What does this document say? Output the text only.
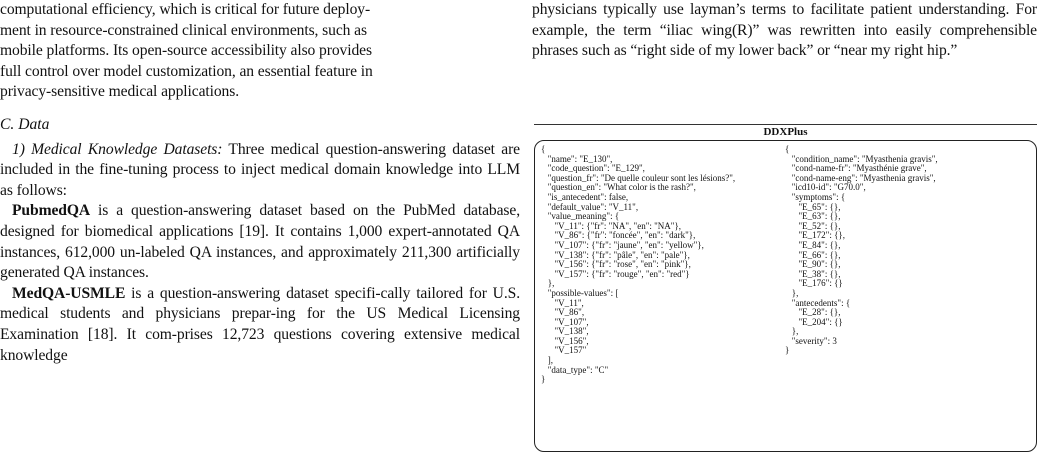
computational efficiency, which is critical for future deploy-

ment in resource-constrained clinical environments, such as

mobile platforms. Its open-source accessibility also provides

full control over model customization, an essential feature in

privacy-sensitive medical applications.

C. Data

1) Medical Knowledge Datasets: Three medical question-answering dataset are included in the fine-tuning process to inject medical domain knowledge into LLM as follows:

PubmedQA is a question-answering dataset based on the PubMed database, designed for biomedical applications [19]. It contains 1,000 expert-annotated QA instances, 612,000 un-labeled QA instances, and approximately 211,300 artificially generated QA instances.

MedQA-USMLE is a question-answering dataset specifi-cally tailored for U.S. medical students and physicians prepar-ing for the US Medical Licensing Examination [18]. It com-prises 12,723 questions covering extensive medical knowledge

physicians typically use layman’s terms to facilitate patient understanding. For example, the term “iliac wing(R)” was rewritten into easily comprehensible phrases such as “right side of my lower back” or “near my right hip.”

DDXPlus
{
"name": "E_130",
"code_question": "E_129",
"question_fr": "De quelle couleur sont les lésions?",
"question_en": "What color is the rash?",
"is_antecedent": false,
"default_value": "V_11",
"value_meaning": {
"V_11": {"fr": "NA", "en": "NA"},
"V_86": {"fr": "foncée", "en": "dark"},
"V_107": {"fr": "jaune", "en": "yellow"},
"V_138": {"fr": "pâle", "en": "pale"},
"V_156": {"fr": "rose", "en": "pink"},
"V_157": {"fr": "rouge", "en": "red"}
},
"possible-values": [
"V_11",
"V_86",
"V_107",
"V_138",
"V_156",
"V_157"
],
"data_type": "C"
}
{
"condition_name": "Myasthenia gravis",
"cond-name-fr": "Myasthénie grave",
"cond-name-eng": "Myasthenia gravis",
"icd10-id": "G70.0",
"symptoms": {
"E_65": {},
"E_63": {},
"E_52": {},
"E_172": {},
"E_84": {},
"E_66": {},
"E_90": {},
"E_38": {},
"E_176": {}
},
"antecedents": {
"E_28": {},
"E_204": {}
},
"severity": 3
}
